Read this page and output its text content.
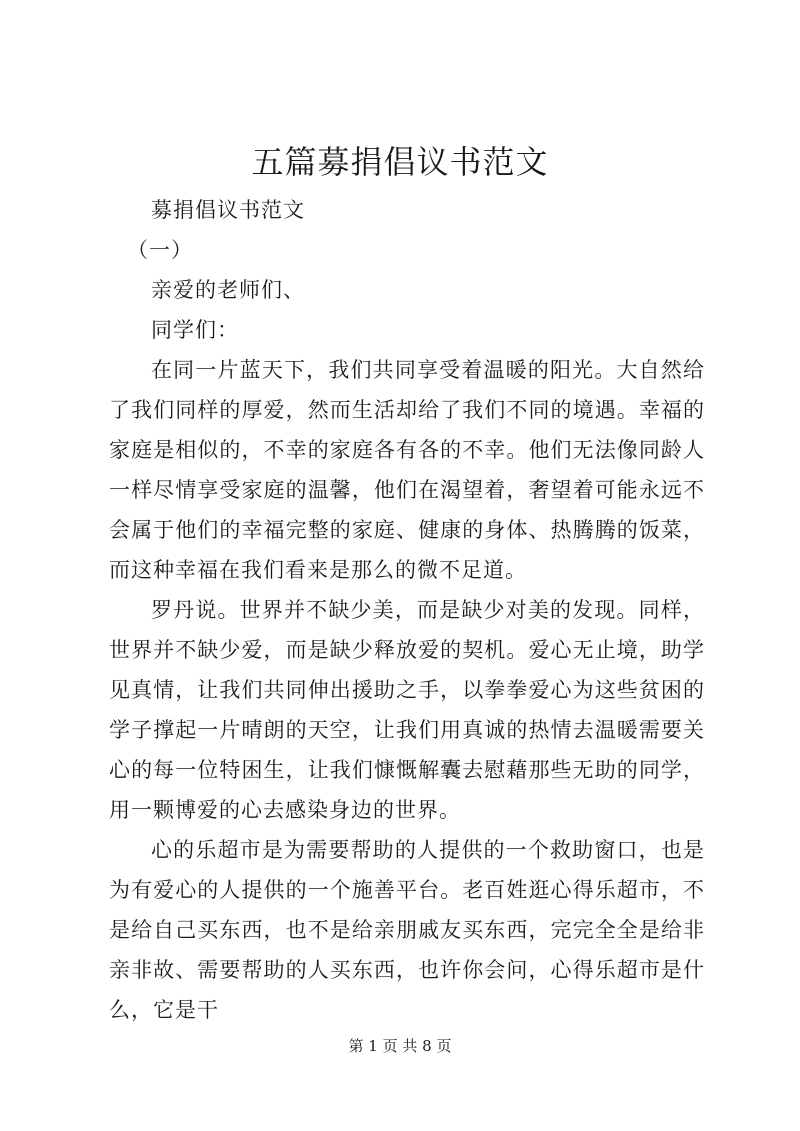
五篇募捐倡议书范文

募捐倡议书范文

（一）

亲爱的老师们、

同学们：

在同一片蓝天下，我们共同享受着温暖的阳光。大自然给了我们同样的厚爱，然而生活却给了我们不同的境遇。幸福的家庭是相似的，不幸的家庭各有各的不幸。他们无法像同龄人一样尽情享受家庭的温馨，他们在渴望着，奢望着可能永远不会属于他们的幸福完整的家庭、健康的身体、热腾腾的饭菜，而这种幸福在我们看来是那么的微不足道。

罗丹说。世界并不缺少美，而是缺少对美的发现。同样，世界并不缺少爱，而是缺少释放爱的契机。爱心无止境，助学见真情，让我们共同伸出援助之手，以拳拳爱心为这些贫困的学子撑起一片晴朗的天空，让我们用真诚的热情去温暖需要关心的每一位特困生，让我们慷慨解囊去慰藉那些无助的同学，用一颗博爱的心去感染身边的世界。

心的乐超市是为需要帮助的人提供的一个救助窗口，也是为有爱心的人提供的一个施善平台。老百姓逛心得乐超市，不是给自己买东西，也不是给亲朋戚友买东西，完完全全是给非亲非故、需要帮助的人买东西，也许你会问，心得乐超市是什么，它是干

第 1 页 共 8 页
